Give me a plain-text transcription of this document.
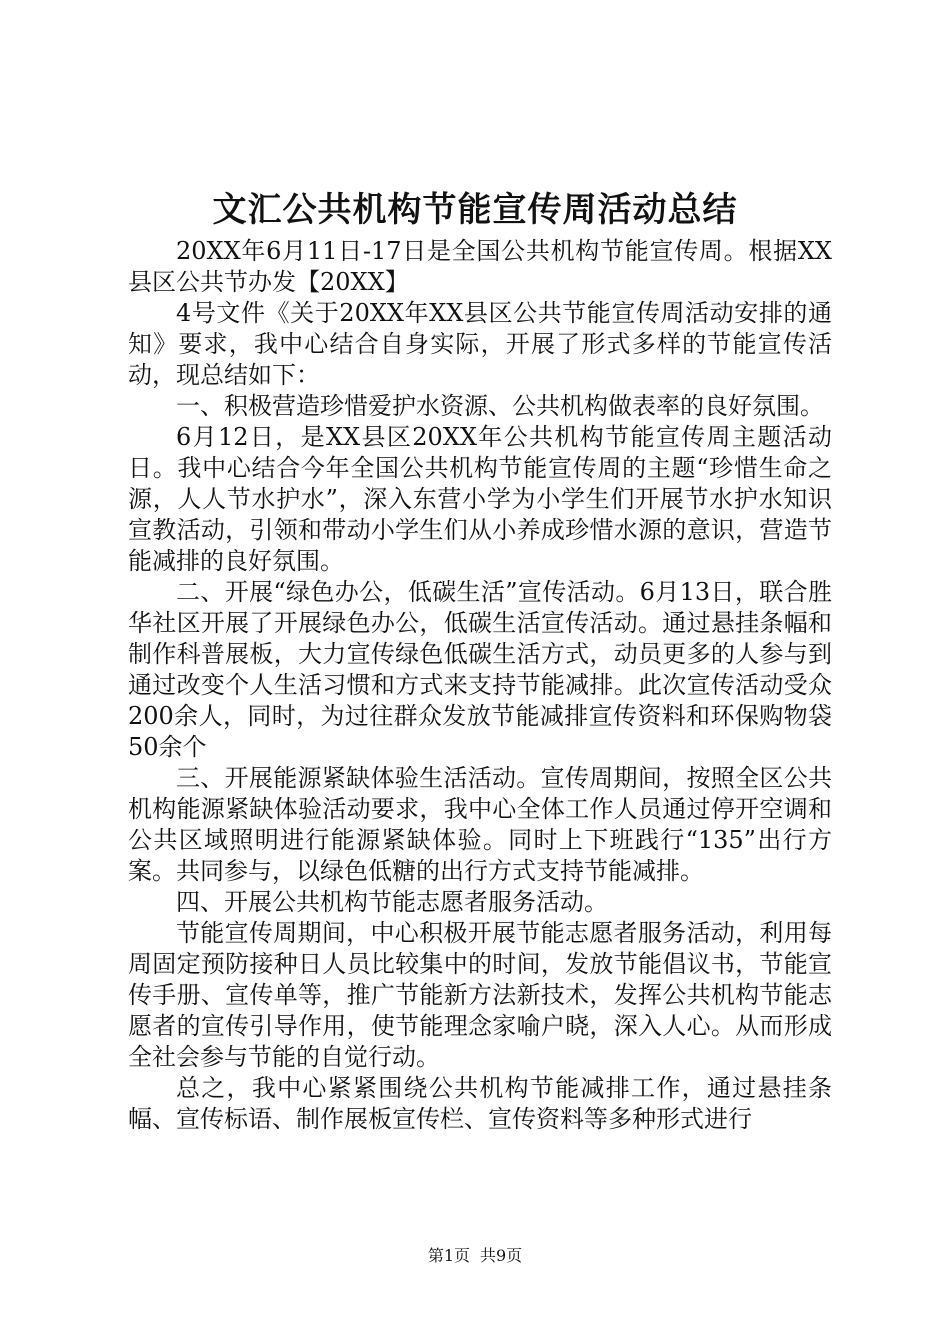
文汇公共机构节能宣传周活动总结

20XX年6月11日-17日是全国公共机构节能宣传周。根据XX县区公共节办发【20XX】

4号文件《关于20XX年XX县区公共节能宣传周活动安排的通知》要求，我中心结合自身实际，开展了形式多样的节能宣传活动，现总结如下：

一、积极营造珍惜爱护水资源、公共机构做表率的良好氛围。

6月12日，是XX县区20XX年公共机构节能宣传周主题活动日。我中心结合今年全国公共机构节能宣传周的主题“珍惜生命之源，人人节水护水”，深入东营小学为小学生们开展节水护水知识宣教活动，引领和带动小学生们从小养成珍惜水源的意识，营造节能减排的良好氛围。

二、开展“绿色办公，低碳生活”宣传活动。6月13日，联合胜华社区开展了开展绿色办公，低碳生活宣传活动。通过悬挂条幅和制作科普展板，大力宣传绿色低碳生活方式，动员更多的人参与到通过改变个人生活习惯和方式来支持节能减排。此次宣传活动受众200余人，同时，为过往群众发放节能减排宣传资料和环保购物袋50余个

三、开展能源紧缺体验生活活动。宣传周期间，按照全区公共机构能源紧缺体验活动要求，我中心全体工作人员通过停开空调和公共区域照明进行能源紧缺体验。同时上下班践行“135”出行方案。共同参与，以绿色低糖的出行方式支持节能减排。

四、开展公共机构节能志愿者服务活动。

节能宣传周期间，中心积极开展节能志愿者服务活动，利用每周固定预防接种日人员比较集中的时间，发放节能倡议书，节能宣传手册、宣传单等，推广节能新方法新技术，发挥公共机构节能志愿者的宣传引导作用，使节能理念家喻户晓，深入人心。从而形成全社会参与节能的自觉行动。

总之，我中心紧紧围绕公共机构节能减排工作，通过悬挂条幅、宣传标语、制作展板宣传栏、宣传资料等多种形式进行

第1页 共9页
